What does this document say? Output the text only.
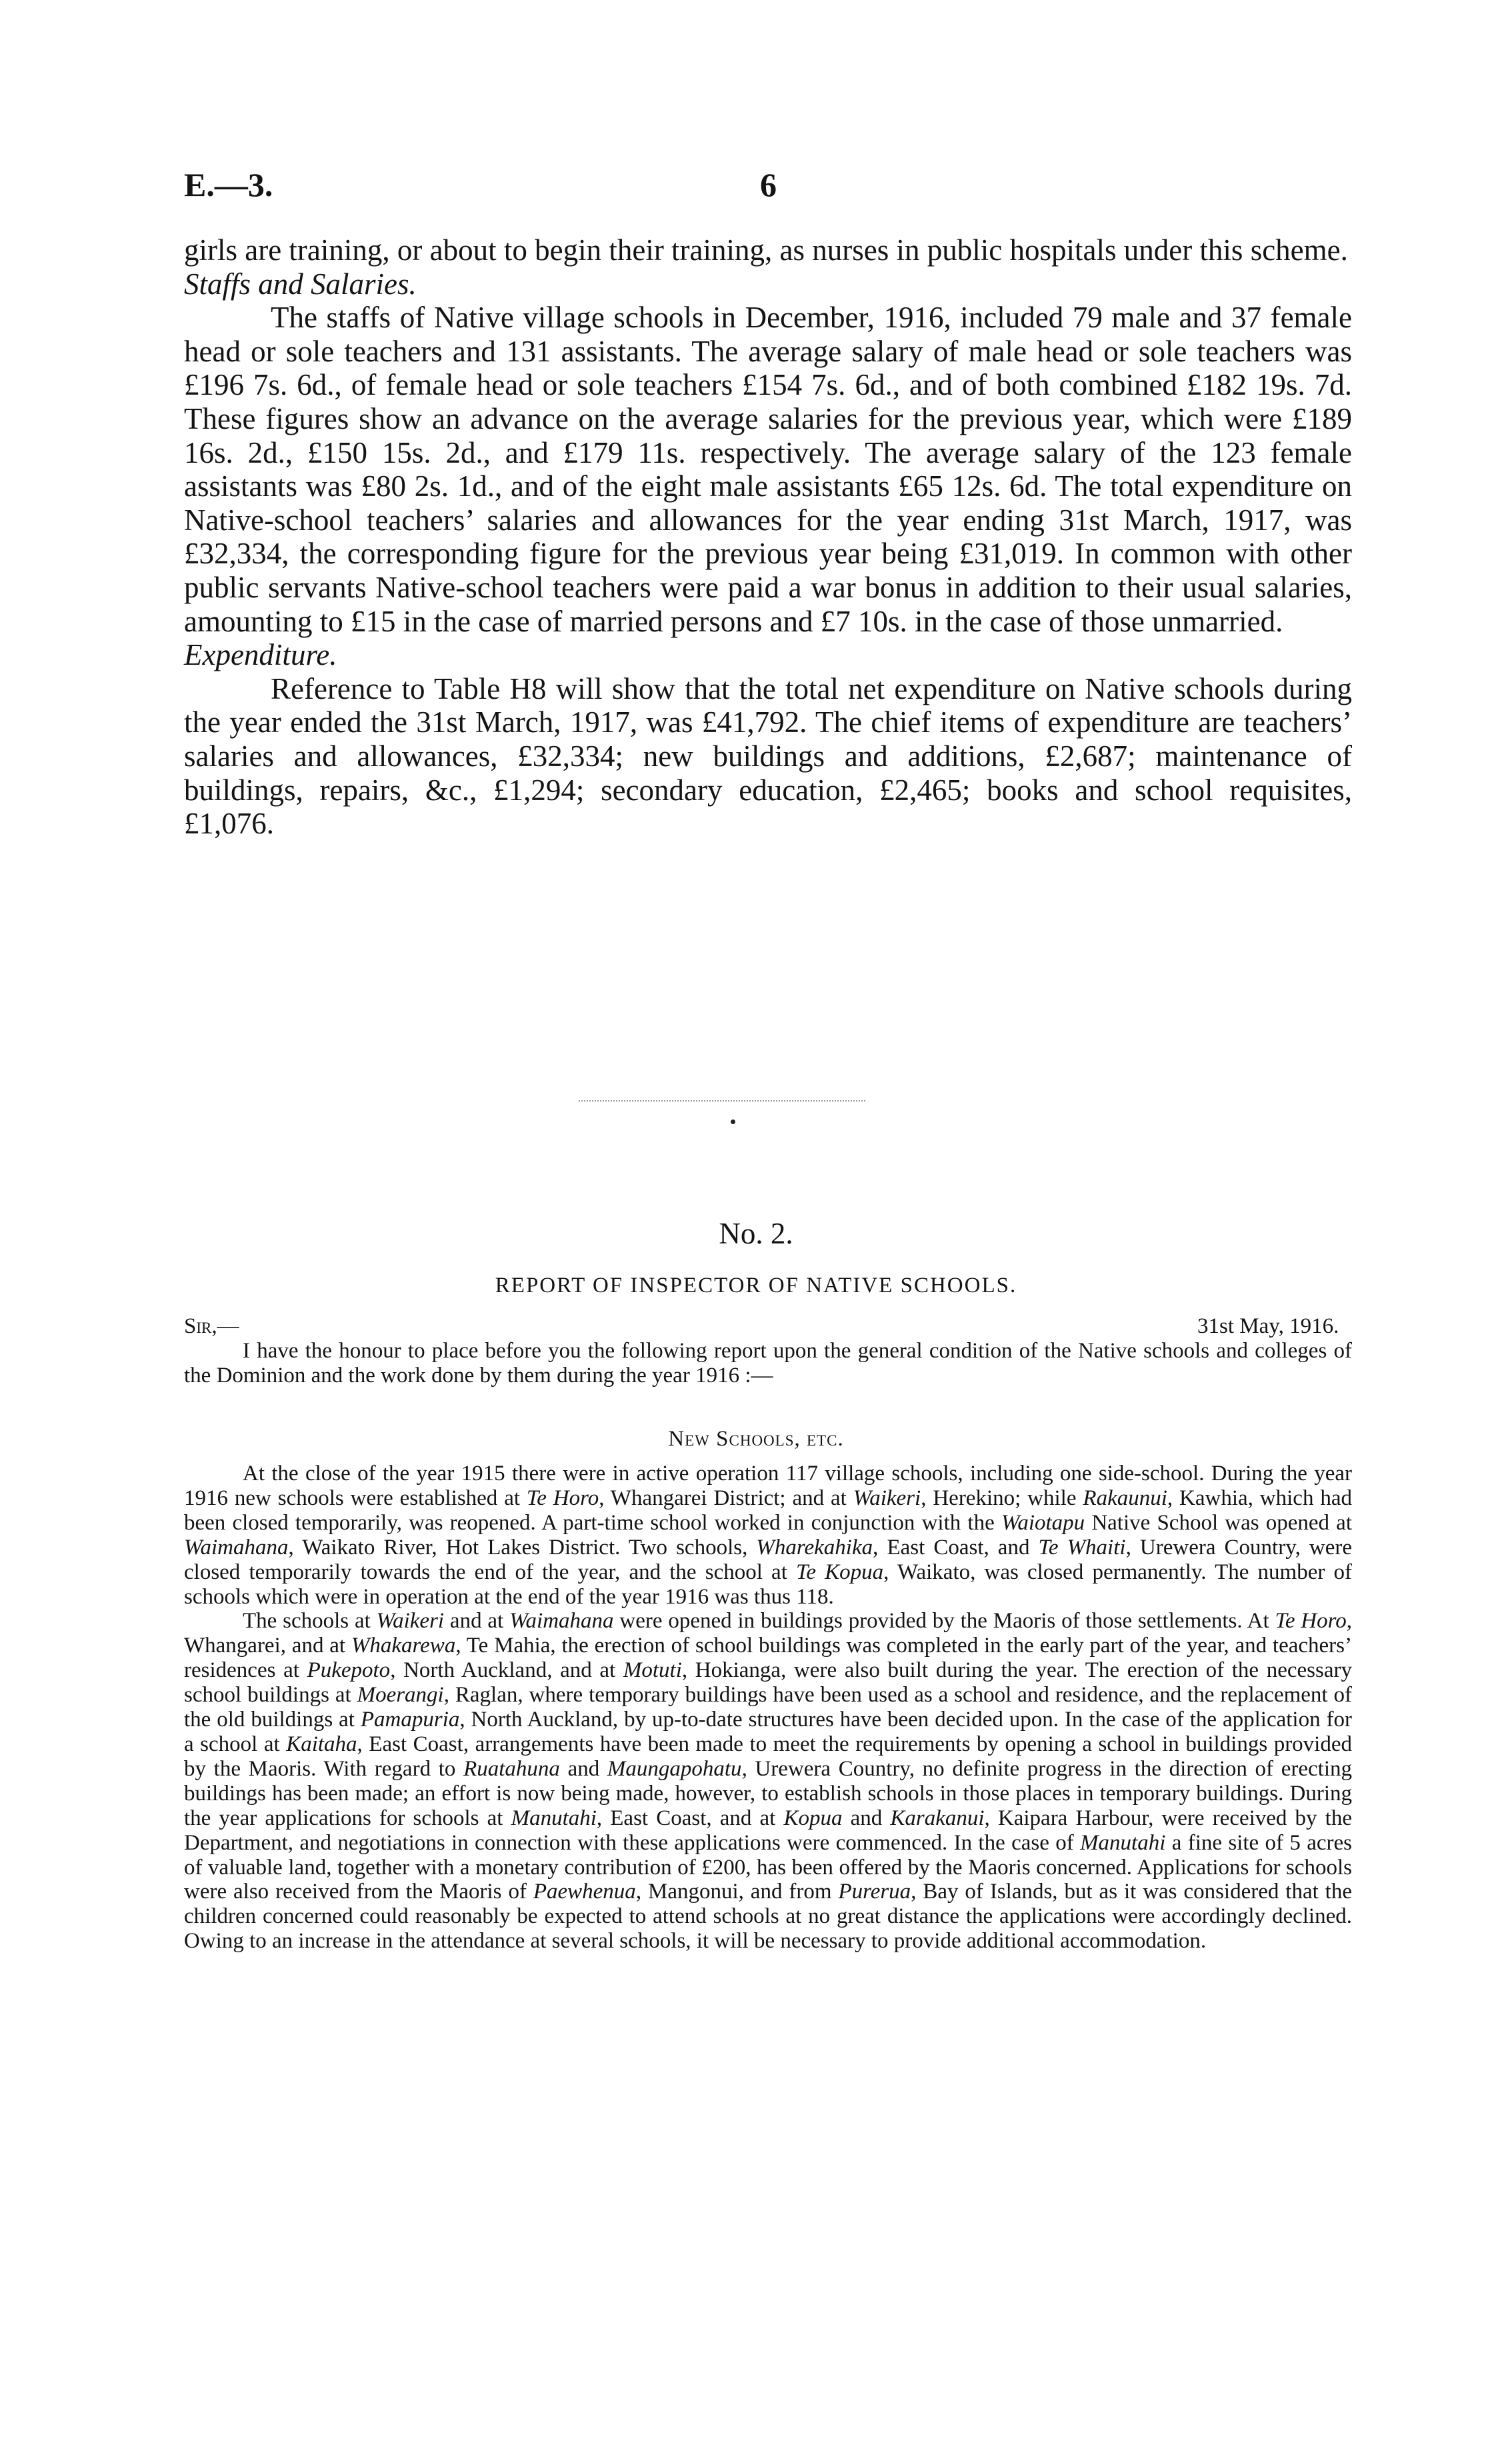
E.—3.	6

girls are training, or about to begin their training, as nurses in public hospitals under this scheme.

Staffs and Salaries.

The staffs of Native village schools in December, 1916, included 79 male and 37 female head or sole teachers and 131 assistants. The average salary of male head or sole teachers was £196 7s. 6d., of female head or sole teachers £154 7s. 6d., and of both combined £182 19s. 7d. These figures show an advance on the average salaries for the previous year, which were £189 16s. 2d., £150 15s. 2d., and £179 11s. respectively. The average salary of the 123 female assistants was £80 2s. 1d., and of the eight male assistants £65 12s. 6d. The total expenditure on Native-school teachers’ salaries and allowances for the year ending 31st March, 1917, was £32,334, the corresponding figure for the previous year being £31,019. In common with other public servants Native-school teachers were paid a war bonus in addition to their usual salaries, amounting to £15 in the case of married persons and £7 10s. in the case of those unmarried.

Expenditure.

Reference to Table H8 will show that the total net expenditure on Native schools during the year ended the 31st March, 1917, was £41,792. The chief items of expenditure are teachers’ salaries and allowances, £32,334; new buildings and additions, £2,687; maintenance of buildings, repairs, &c., £1,294; secondary education, £2,465; books and school requisites, £1,076.

No. 2.
REPORT OF INSPECTOR OF NATIVE SCHOOLS.
Sir,—	31st May, 1916.

I have the honour to place before you the following report upon the general condition of the Native schools and colleges of the Dominion and the work done by them during the year 1916 :—

New Schools, etc.

At the close of the year 1915 there were in active operation 117 village schools, including one side-school. During the year 1916 new schools were established at Te Horo, Whangarei District; and at Waikeri, Herekino; while Rakaunui, Kawhia, which had been closed temporarily, was reopened. A part-time school worked in conjunction with the Waiotapu Native School was opened at Waimahana, Waikato River, Hot Lakes District. Two schools, Wharekahika, East Coast, and Te Whaiti, Urewera Country, were closed temporarily towards the end of the year, and the school at Te Kopua, Waikato, was closed permanently. The number of schools which were in operation at the end of the year 1916 was thus 118.

The schools at Waikeri and at Waimahana were opened in buildings provided by the Maoris of those settlements. At Te Horo, Whangarei, and at Whakarewa, Te Mahia, the erection of school buildings was completed in the early part of the year, and teachers’ residences at Pukepoto, North Auckland, and at Motuti, Hokianga, were also built during the year. The erection of the necessary school buildings at Moerangi, Raglan, where temporary buildings have been used as a school and residence, and the replacement of the old buildings at Pamapuria, North Auckland, by up-to-date structures have been decided upon. In the case of the application for a school at Kaitaha, East Coast, arrangements have been made to meet the requirements by opening a school in buildings provided by the Maoris. With regard to Ruatahuna and Maungapohatu, Urewera Country, no definite progress in the direction of erecting buildings has been made; an effort is now being made, however, to establish schools in those places in temporary buildings. During the year applications for schools at Manutahi, East Coast, and at Kopua and Karakanui, Kaipara Harbour, were received by the Department, and negotiations in connection with these applications were commenced. In the case of Manutahi a fine site of 5 acres of valuable land, together with a monetary contribution of £200, has been offered by the Maoris concerned. Applications for schools were also received from the Maoris of Paewhenua, Mangonui, and from Purerua, Bay of Islands, but as it was considered that the children concerned could reasonably be expected to attend schools at no great distance the applications were accordingly declined. Owing to an increase in the attendance at several schools, it will be necessary to provide additional accommodation.
